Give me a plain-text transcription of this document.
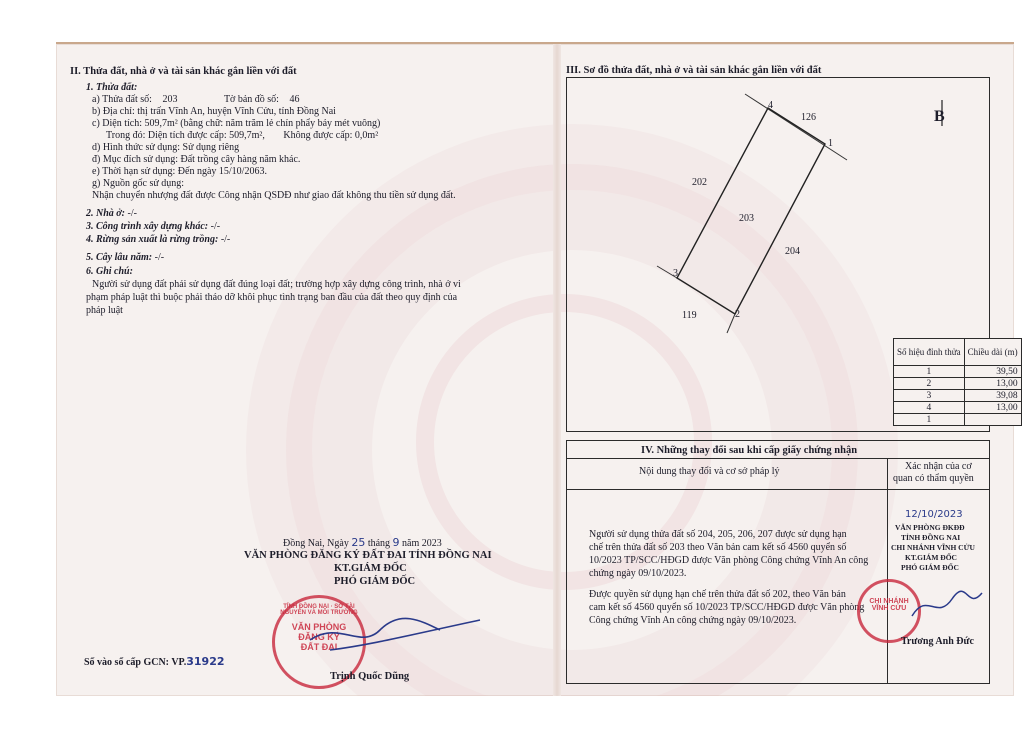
II. Thửa đất, nhà ở và tài sản khác gắn liền với đất
1. Thửa đất:
a) Thửa đất số: 203	Tờ bản đồ số: 46
b) Địa chỉ: thị trấn Vĩnh An, huyện Vĩnh Cửu, tỉnh Đồng Nai
c) Diện tích: 509,7m² (bằng chữ: năm trăm lẻ chín phẩy bảy mét vuông)
Trong đó: Diện tích được cấp: 509,7m², Không được cấp: 0,0m²
d) Hình thức sử dụng: Sử dụng riêng
đ) Mục đích sử dụng: Đất trồng cây hàng năm khác.
e) Thời hạn sử dụng: Đến ngày 15/10/2063.
g) Nguồn gốc sử dụng:
Nhận chuyển nhượng đất được Công nhận QSDĐ như giao đất không thu tiền sử dụng đất.
2. Nhà ở: -/-
3. Công trình xây dựng khác: -/-
4. Rừng sản xuất là rừng trồng: -/-
5. Cây lâu năm: -/-
6. Ghi chú:
Người sử dụng đất phải sử dụng đất đúng loại đất; trường hợp xây dựng công trình, nhà ở vi
phạm pháp luật thì buộc phải tháo dỡ khôi phục tình trạng ban đầu của đất theo quy định của
pháp luật
Đồng Nai, Ngày 25 tháng 9 năm 2023
VĂN PHÒNG ĐĂNG KÝ ĐẤT ĐAI TỈNH ĐỒNG NAI
KT.GIÁM ĐỐC
PHÓ GIÁM ĐỐC
TỈNH ĐỒNG NAI · SỞ TÀI NGUYÊN VÀ MÔI TRƯỜNG
VĂN PHÒNG
ĐĂNG KÝ
ĐẤT ĐAI
Trịnh Quốc Dũng
Số vào sổ cấp GCN: VP.31922
III. Sơ đồ thửa đất, nhà ở và tài sản khác gắn liền với đất
B
4
1
3
2
126
202
203
204
119
Số hiệu đỉnh thửa	Chiều dài (m)
1	39,50
2	13,00
3	39,08
4	13,00
1	
IV. Những thay đổi sau khi cấp giấy chứng nhận
Nội dung thay đổi và cơ sở pháp lý	Xác nhận của cơ
quan có thẩm quyền
Người sử dụng thửa đất số 204, 205, 206, 207 được sử dụng hạn
chế trên thửa đất số 203 theo Văn bản cam kết số 4560 quyển số
10/2023 TP/SCC/HĐGD được Văn phòng Công chứng Vĩnh An công
chứng ngày 09/10/2023.
Được quyền sử dụng hạn chế trên thửa đất số 202, theo Văn bản
cam kết số 4560 quyển số 10/2023 TP/SCC/HĐGD được Văn phòng
Công chứng Vĩnh An công chứng ngày 09/10/2023.
12/10/2023
VĂN PHÒNG ĐKĐĐ
TỈNH ĐỒNG NAI
CHI NHÁNH VĨNH CỬU
KT.GIÁM ĐỐC
PHÓ GIÁM ĐỐC
CHI NHÁNH
VĨNH CỬU
Trương Anh Đức
